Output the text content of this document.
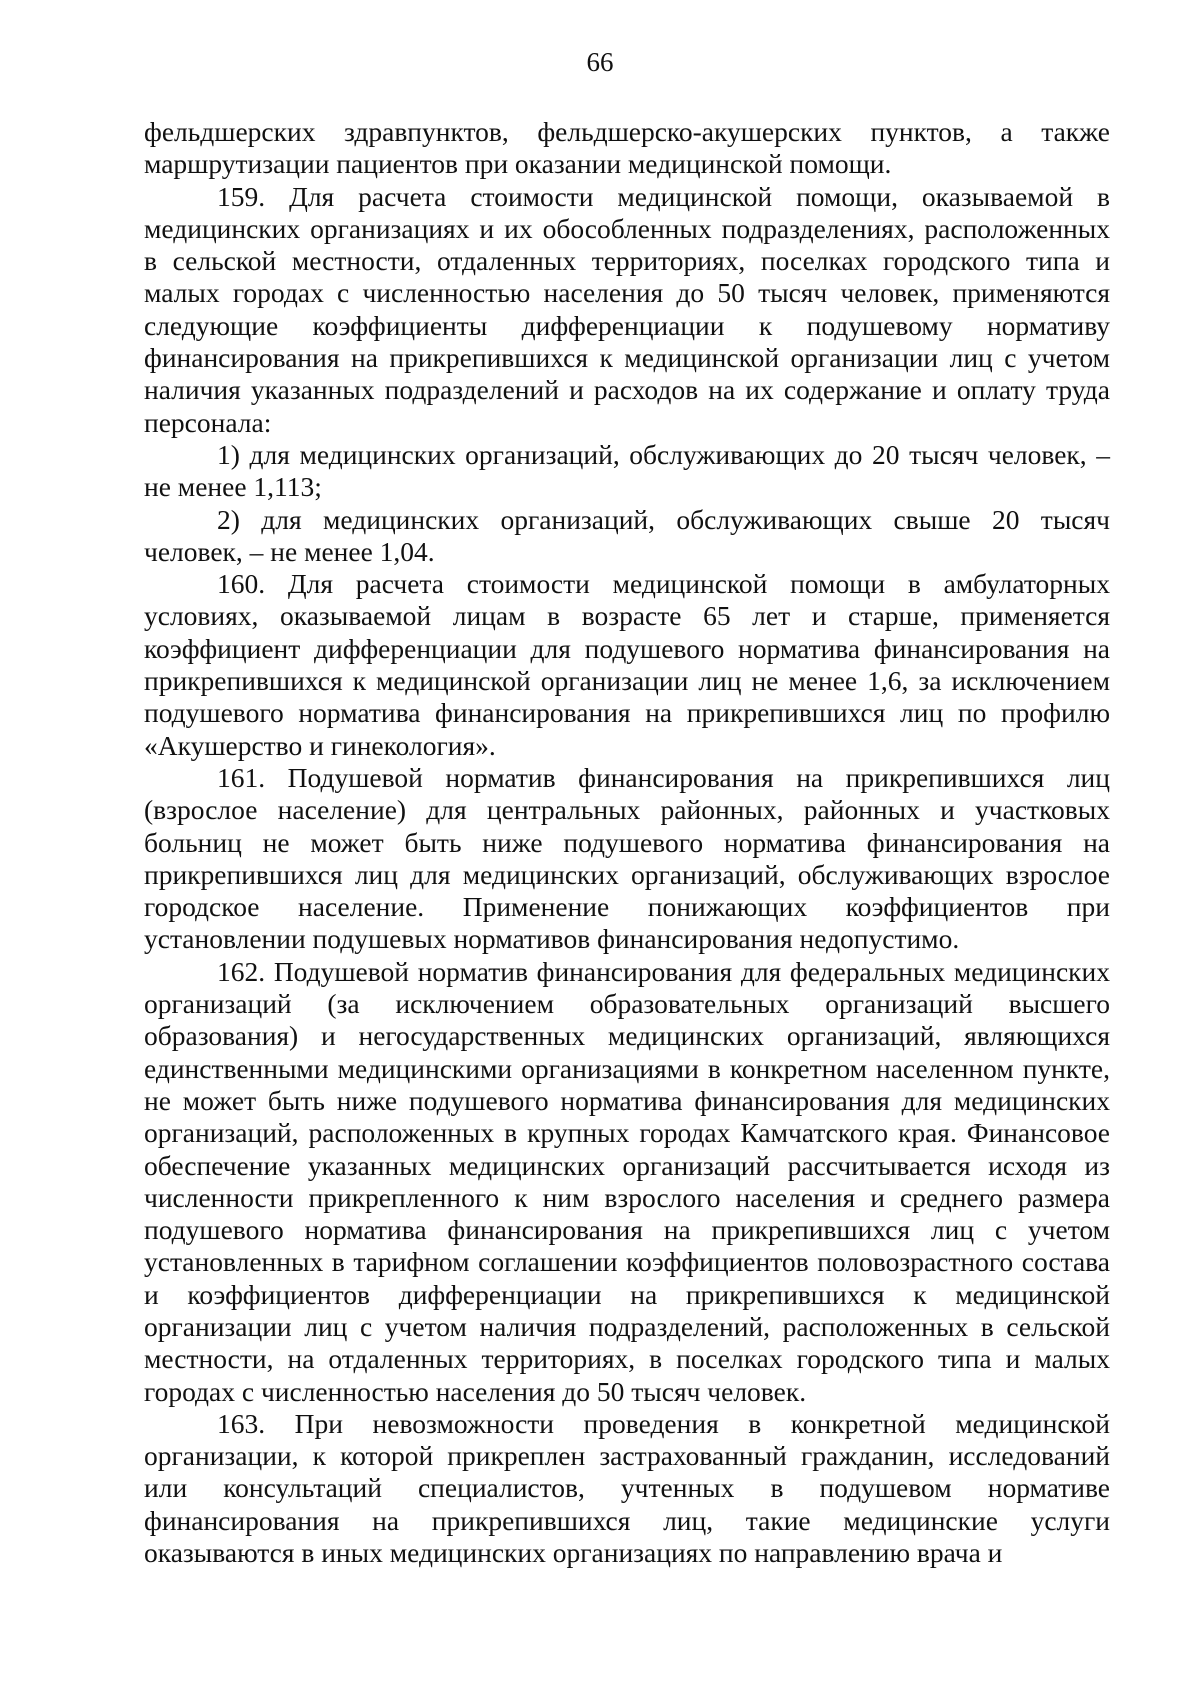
66

фельдшерских здравпунктов, фельдшерско-акушерских пунктов, а также маршрутизации пациентов при оказании медицинской помощи.

159. Для расчета стоимости медицинской помощи, оказываемой в медицинских организациях и их обособленных подразделениях, расположенных в сельской местности, отдаленных территориях, поселках городского типа и малых городах с численностью населения до 50 тысяч человек, применяются следующие коэффициенты дифференциации к подушевому нормативу финансирования на прикрепившихся к медицинской организации лиц с учетом наличия указанных подразделений и расходов на их содержание и оплату труда персонала:

1) для медицинских организаций, обслуживающих до 20 тысяч человек, – не менее 1,113;

2) для медицинских организаций, обслуживающих свыше 20 тысяч человек, – не менее 1,04.

160. Для расчета стоимости медицинской помощи в амбулаторных условиях, оказываемой лицам в возрасте 65 лет и старше, применяется коэффициент дифференциации для подушевого норматива финансирования на прикрепившихся к медицинской организации лиц не менее 1,6, за исключением подушевого норматива финансирования на прикрепившихся лиц по профилю «Акушерство и гинекология».

161. Подушевой норматив финансирования на прикрепившихся лиц (взрослое население) для центральных районных, районных и участковых больниц не может быть ниже подушевого норматива финансирования на прикрепившихся лиц для медицинских организаций, обслуживающих взрослое городское население. Применение понижающих коэффициентов при установлении подушевых нормативов финансирования недопустимо.

162. Подушевой норматив финансирования для федеральных медицинских организаций (за исключением образовательных организаций высшего образования) и негосударственных медицинских организаций, являющихся единственными медицинскими организациями в конкретном населенном пункте, не может быть ниже подушевого норматива финансирования для медицинских организаций, расположенных в крупных городах Камчатского края. Финансовое обеспечение указанных медицинских организаций рассчитывается исходя из численности прикрепленного к ним взрослого населения и среднего размера подушевого норматива финансирования на прикрепившихся лиц с учетом установленных в тарифном соглашении коэффициентов половозрастного состава и коэффициентов дифференциации на прикрепившихся к медицинской организации лиц с учетом наличия подразделений, расположенных в сельской местности, на отдаленных территориях, в поселках городского типа и малых городах с численностью населения до 50 тысяч человек.

163. При невозможности проведения в конкретной медицинской организации, к которой прикреплен застрахованный гражданин, исследований или консультаций специалистов, учтенных в подушевом нормативе финансирования на прикрепившихся лиц, такие медицинские услуги оказываются в иных медицинских организациях по направлению врача и
